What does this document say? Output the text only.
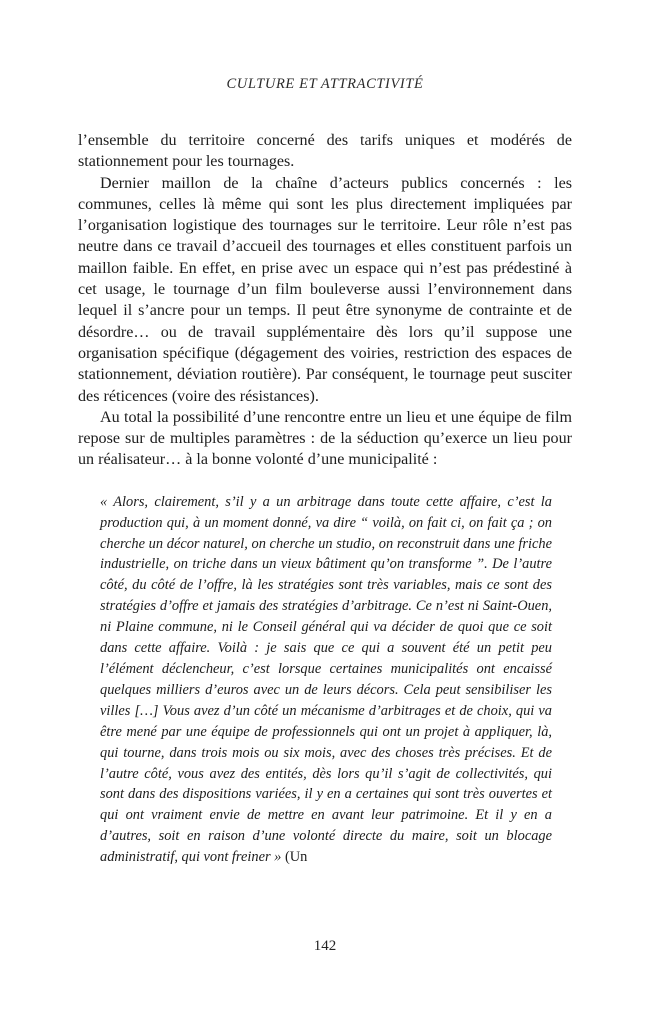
CULTURE ET ATTRACTIVITÉ

l’ensemble du territoire concerné des tarifs uniques et modérés de stationnement pour les tournages.

Dernier maillon de la chaîne d’acteurs publics concernés : les communes, celles là même qui sont les plus directement impliquées par l’organisation logistique des tournages sur le territoire. Leur rôle n’est pas neutre dans ce travail d’accueil des tournages et elles constituent parfois un maillon faible. En effet, en prise avec un espace qui n’est pas prédestiné à cet usage, le tournage d’un film bouleverse aussi l’environnement dans lequel il s’ancre pour un temps. Il peut être synonyme de contrainte et de désordre… ou de travail supplémentaire dès lors qu’il suppose une organisation spécifique (dégagement des voiries, restriction des espaces de stationnement, déviation routière). Par conséquent, le tournage peut susciter des réticences (voire des résistances).

Au total la possibilité d’une rencontre entre un lieu et une équipe de film repose sur de multiples paramètres : de la séduction qu’exerce un lieu pour un réalisateur… à la bonne volonté d’une municipalité :

« Alors, clairement, s’il y a un arbitrage dans toute cette affaire, c’est la production qui, à un moment donné, va dire “ voilà, on fait ci, on fait ça ; on cherche un décor naturel, on cherche un studio, on reconstruit dans une friche industrielle, on triche dans un vieux bâtiment qu’on transforme ”. De l’autre côté, du côté de l’offre, là les stratégies sont très variables, mais ce sont des stratégies d’offre et jamais des stratégies d’arbitrage. Ce n’est ni Saint-Ouen, ni Plaine commune, ni le Conseil général qui va décider de quoi que ce soit dans cette affaire. Voilà : je sais que ce qui a souvent été un petit peu l’élément déclencheur, c’est lorsque certaines municipalités ont encaissé quelques milliers d’euros avec un de leurs décors. Cela peut sensibiliser les villes […] Vous avez d’un côté un mécanisme d’arbitrages et de choix, qui va être mené par une équipe de professionnels qui ont un projet à appliquer, là, qui tourne, dans trois mois ou six mois, avec des choses très précises. Et de l’autre côté, vous avez des entités, dès lors qu’il s’agit de collectivités, qui sont dans des dispositions variées, il y en a certaines qui sont très ouvertes et qui ont vraiment envie de mettre en avant leur patrimoine. Et il y en a d’autres, soit en raison d’une volonté directe du maire, soit un blocage administratif, qui vont freiner » (Un

142
